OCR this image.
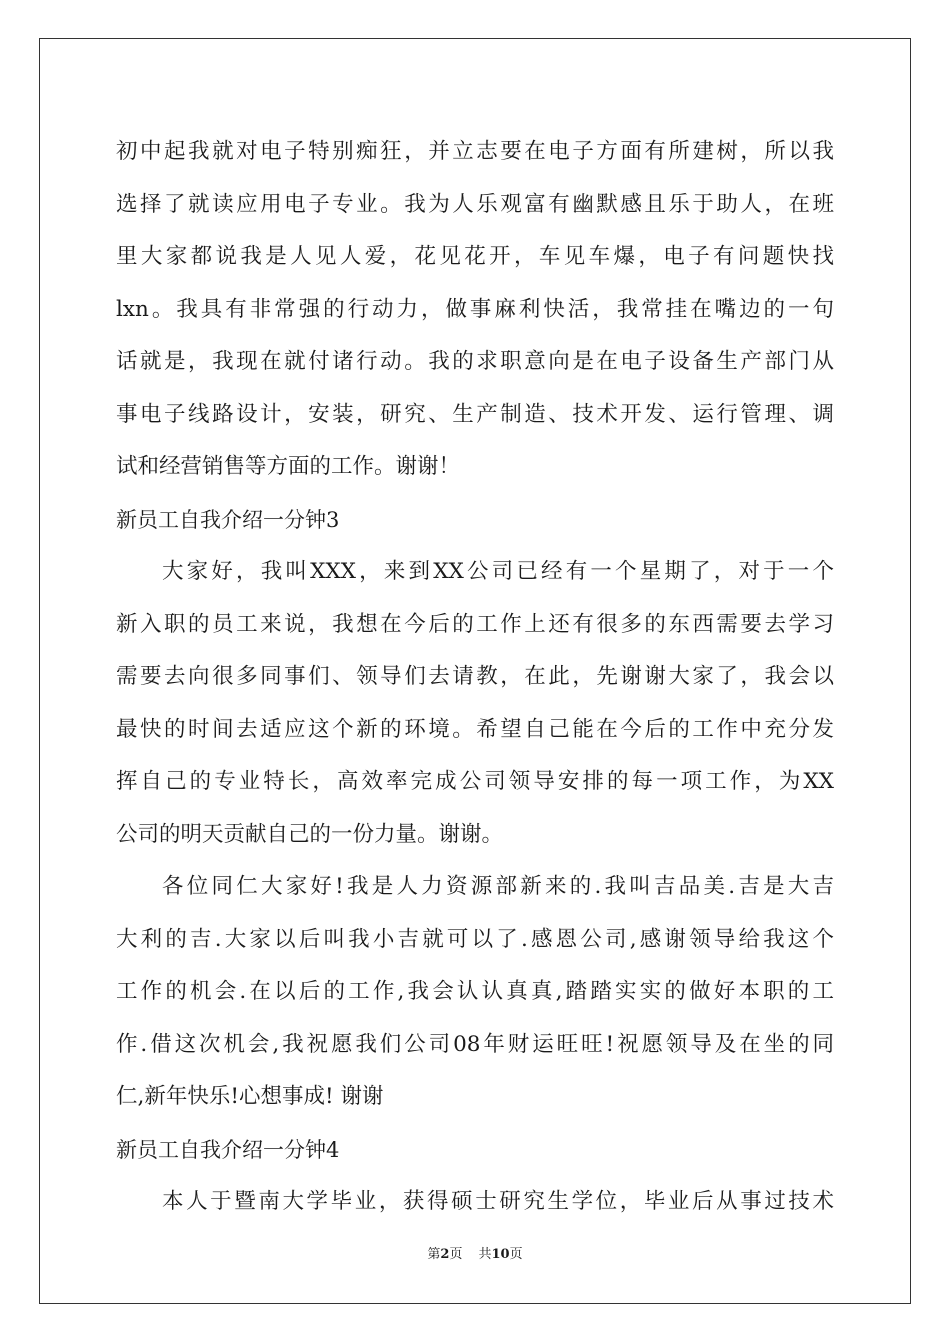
初中起我就对电子特别痴狂，并立志要在电子方面有所建树，所以我
选择了就读应用电子专业。我为人乐观富有幽默感且乐于助人，在班
里大家都说我是人见人爱，花见花开，车见车爆，电子有问题快找
lxn。我具有非常强的行动力，做事麻利快活，我常挂在嘴边的一句
话就是，我现在就付诸行动。我的求职意向是在电子设备生产部门从
事电子线路设计，安装，研究、生产制造、技术开发、运行管理、调
试和经营销售等方面的工作。谢谢！
新员工自我介绍一分钟3
大家好，我叫XXX，来到XX公司已经有一个星期了，对于一个
新入职的员工来说，我想在今后的工作上还有很多的东西需要去学习
需要去向很多同事们、领导们去请教，在此，先谢谢大家了，我会以
最快的时间去适应这个新的环境。希望自己能在今后的工作中充分发
挥自己的专业特长，高效率完成公司领导安排的每一项工作，为XX
公司的明天贡献自己的一份力量。谢谢。
各位同仁大家好!我是人力资源部新来的.我叫吉品美.吉是大吉
大利的吉.大家以后叫我小吉就可以了.感恩公司,感谢领导给我这个
工作的机会.在以后的工作,我会认认真真,踏踏实实的做好本职的工
作.借这次机会,我祝愿我们公司08年财运旺旺!祝愿领导及在坐的同
仁,新年快乐!心想事成! 谢谢
新员工自我介绍一分钟4
本人于暨南大学毕业，获得硕士研究生学位，毕业后从事过技术
第2页 共10页
